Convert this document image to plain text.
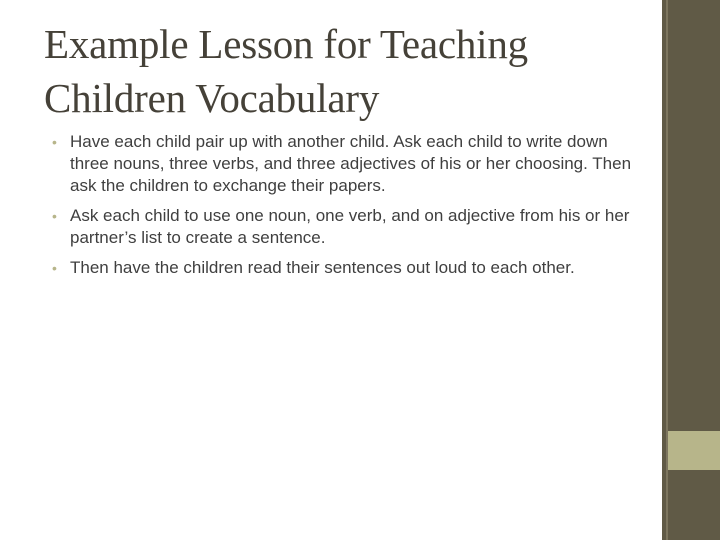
Example Lesson for Teaching
Children Vocabulary
• Have each child pair up with another child. Ask each child to write down three nouns, three verbs, and three adjectives of his or her choosing. Then ask the children to exchange their papers.
• Ask each child to use one noun, one verb, and on adjective from his or her partner’s list to create a sentence.
• Then have the children read their sentences out loud to each other.
